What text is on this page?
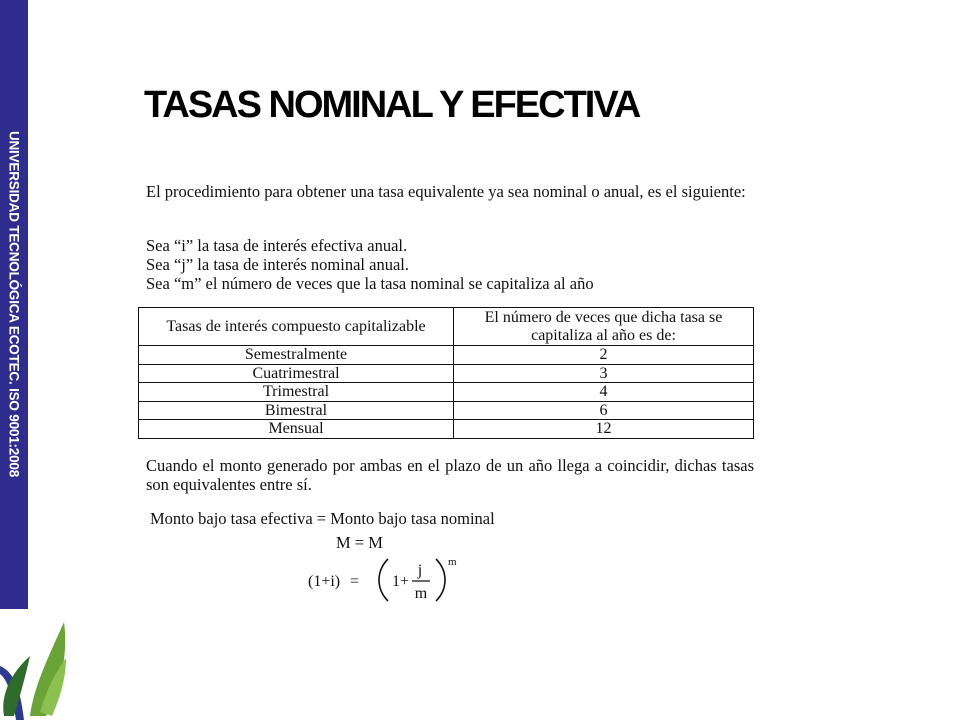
UNIVERSIDAD TECNOLÓGICA ECOTEC. ISO 9001:2008
TASAS NOMINAL Y EFECTIVA

El procedimiento para obtener una tasa equivalente ya sea nominal o anual, es el siguiente:

Sea “i” la tasa de interés efectiva anual.
Sea “j” la tasa de interés nominal anual.
Sea “m” el número de veces que la tasa nominal se capitaliza al año
Tasas de interés compuesto capitalizable	El número de veces que dicha tasa se capitaliza al año es de:
Semestralmente	2
Cuatrimestral	3
Trimestral	4
Bimestral	6
Mensual	12

Cuando el monto generado por ambas en el plazo de un año llega a coincidir, dichas tasas son equivalentes entre sí.

Monto bajo tasa efectiva = Monto bajo tasa nominal

M = M

(1+i) = 1+
j
m
m
